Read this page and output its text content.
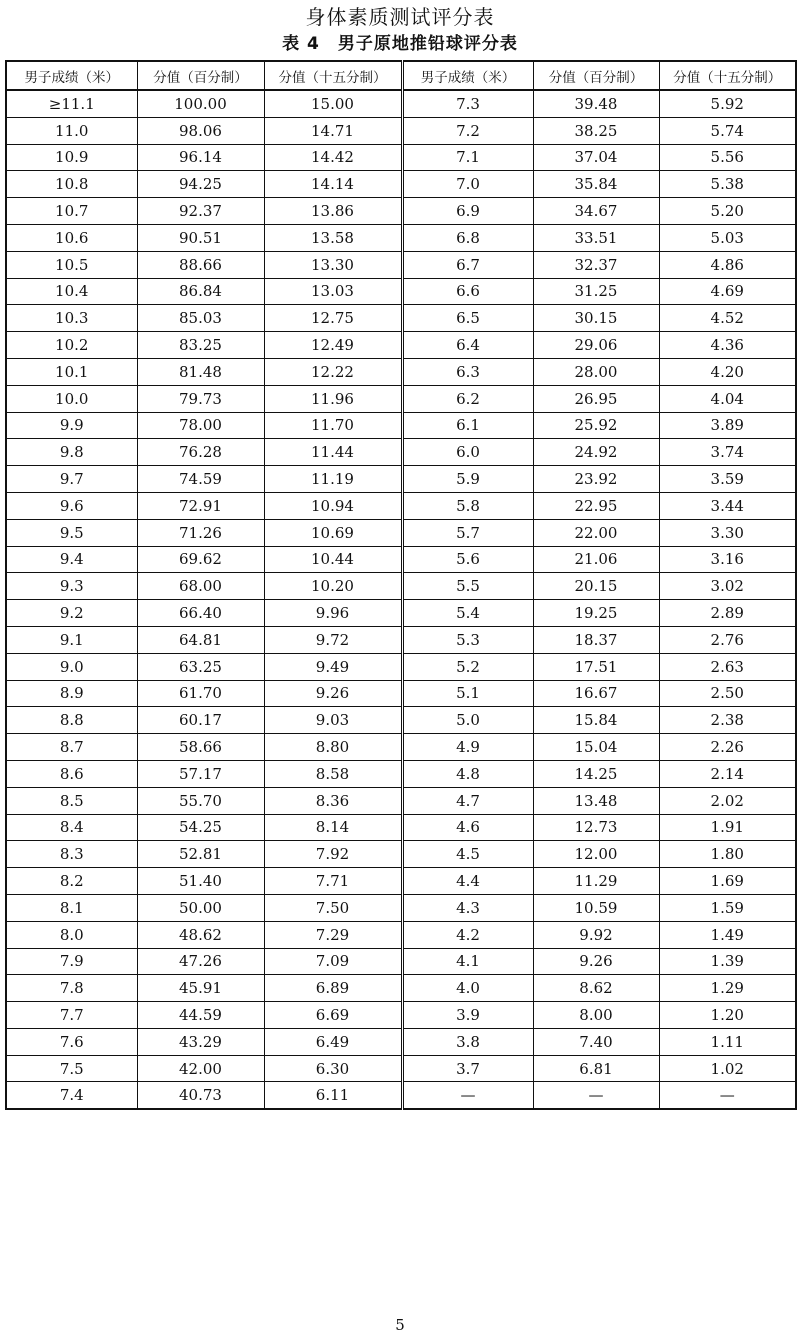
身体素质测试评分表
表 4 男子原地推铅球评分表
男子成绩（米）	分值（百分制）	分值（十五分制）	男子成绩（米）	分值（百分制）	分值（十五分制）
≥11.1	100.00	15.00	7.3	39.48	5.92
11.0	98.06	14.71	7.2	38.25	5.74
10.9	96.14	14.42	7.1	37.04	5.56
10.8	94.25	14.14	7.0	35.84	5.38
10.7	92.37	13.86	6.9	34.67	5.20
10.6	90.51	13.58	6.8	33.51	5.03
10.5	88.66	13.30	6.7	32.37	4.86
10.4	86.84	13.03	6.6	31.25	4.69
10.3	85.03	12.75	6.5	30.15	4.52
10.2	83.25	12.49	6.4	29.06	4.36
10.1	81.48	12.22	6.3	28.00	4.20
10.0	79.73	11.96	6.2	26.95	4.04
9.9	78.00	11.70	6.1	25.92	3.89
9.8	76.28	11.44	6.0	24.92	3.74
9.7	74.59	11.19	5.9	23.92	3.59
9.6	72.91	10.94	5.8	22.95	3.44
9.5	71.26	10.69	5.7	22.00	3.30
9.4	69.62	10.44	5.6	21.06	3.16
9.3	68.00	10.20	5.5	20.15	3.02
9.2	66.40	9.96	5.4	19.25	2.89
9.1	64.81	9.72	5.3	18.37	2.76
9.0	63.25	9.49	5.2	17.51	2.63
8.9	61.70	9.26	5.1	16.67	2.50
8.8	60.17	9.03	5.0	15.84	2.38
8.7	58.66	8.80	4.9	15.04	2.26
8.6	57.17	8.58	4.8	14.25	2.14
8.5	55.70	8.36	4.7	13.48	2.02
8.4	54.25	8.14	4.6	12.73	1.91
8.3	52.81	7.92	4.5	12.00	1.80
8.2	51.40	7.71	4.4	11.29	1.69
8.1	50.00	7.50	4.3	10.59	1.59
8.0	48.62	7.29	4.2	9.92	1.49
7.9	47.26	7.09	4.1	9.26	1.39
7.8	45.91	6.89	4.0	8.62	1.29
7.7	44.59	6.69	3.9	8.00	1.20
7.6	43.29	6.49	3.8	7.40	1.11
7.5	42.00	6.30	3.7	6.81	1.02
7.4	40.73	6.11	—	—	—
5
